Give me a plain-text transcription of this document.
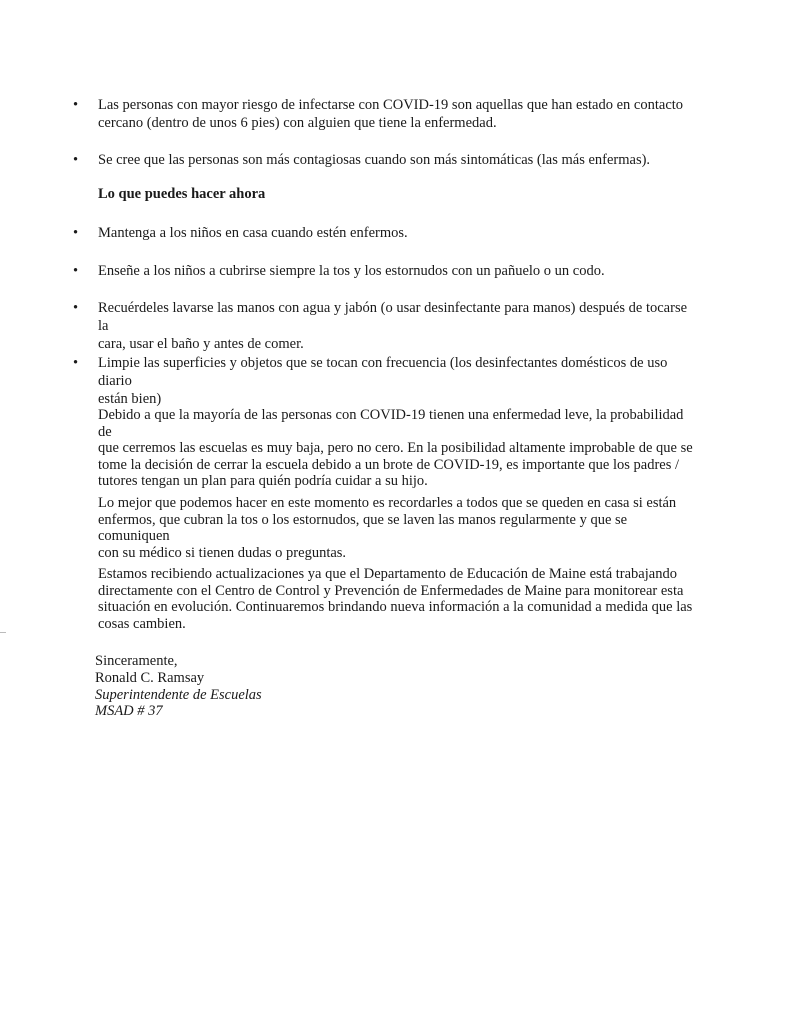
• Las personas con mayor riesgo de infectarse con COVID-19 son aquellas que han estado en contacto
cercano (dentro de unos 6 pies) con alguien que tiene la enfermedad.
• Se cree que las personas son más contagiosas cuando son más sintomáticas (las más enfermas).
Lo que puedes hacer ahora
• Mantenga a los niños en casa cuando estén enfermos.
• Enseñe a los niños a cubrirse siempre la tos y los estornudos con un pañuelo o un codo.
• Recuérdeles lavarse las manos con agua y jabón (o usar desinfectante para manos) después de tocarse la
cara, usar el baño y antes de comer.
• Limpie las superficies y objetos que se tocan con frecuencia (los desinfectantes domésticos de uso diario
están bien)
Debido a que la mayoría de las personas con COVID-19 tienen una enfermedad leve, la probabilidad de
que cerremos las escuelas es muy baja, pero no cero. En la posibilidad altamente improbable de que se
tome la decisión de cerrar la escuela debido a un brote de COVID-19, es importante que los padres /
tutores tengan un plan para quién podría cuidar a su hijo.
Lo mejor que podemos hacer en este momento es recordarles a todos que se queden en casa si están
enfermos, que cubran la tos o los estornudos, que se laven las manos regularmente y que se comuniquen
con su médico si tienen dudas o preguntas.
Estamos recibiendo actualizaciones ya que el Departamento de Educación de Maine está trabajando
directamente con el Centro de Control y Prevención de Enfermedades de Maine para monitorear esta
situación en evolución. Continuaremos brindando nueva información a la comunidad a medida que las
cosas cambien.
Sinceramente,
Ronald C. Ramsay
Superintendente de Escuelas
MSAD # 37
